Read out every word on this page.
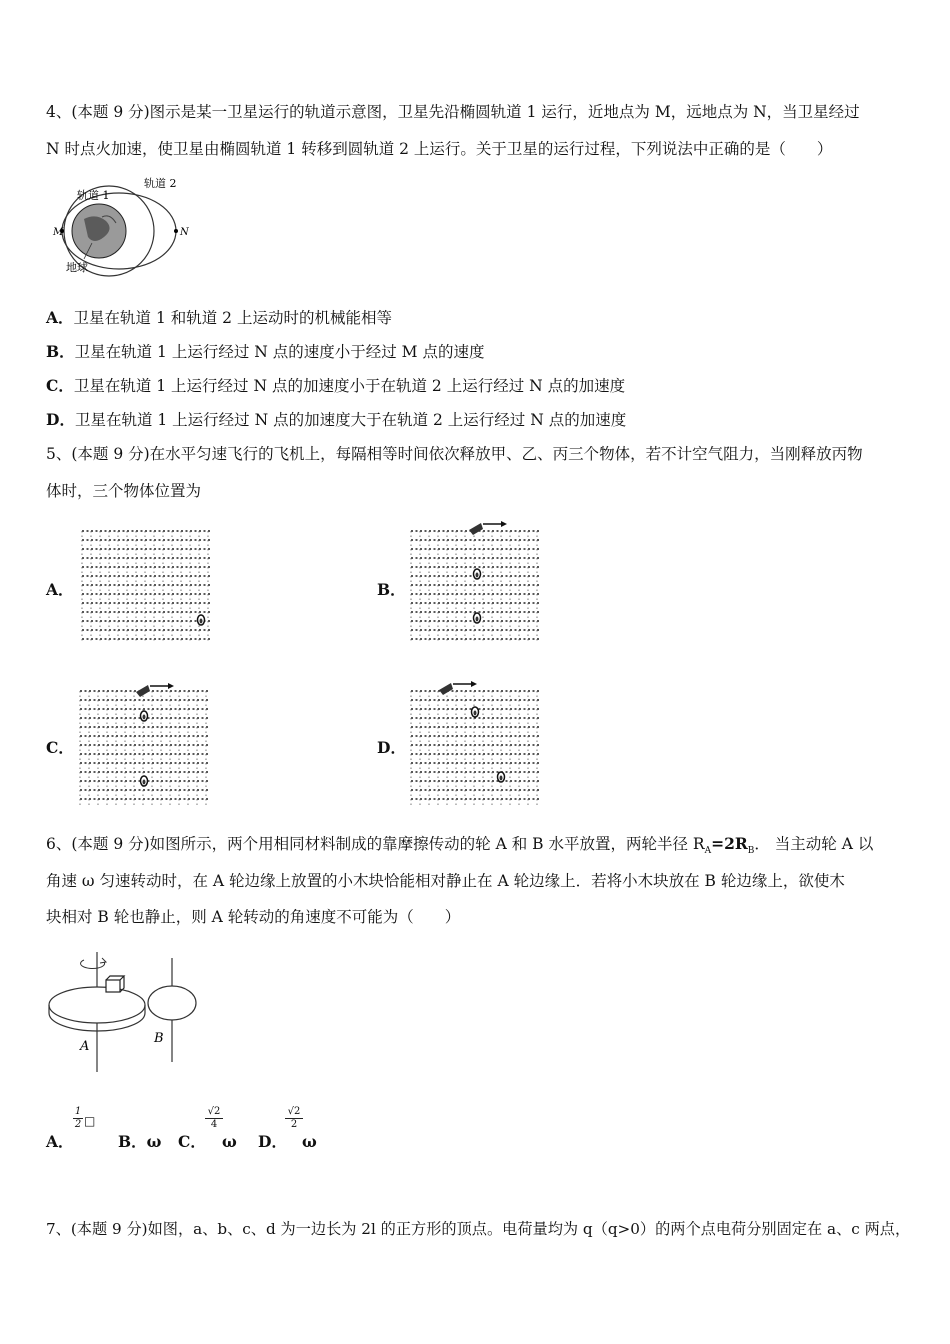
4、(本题 9 分)图示是某一卫星运行的轨道示意图，卫星先沿椭圆轨道 1 运行，近地点为 M，远地点为 N，当卫星经过
N 时点火加速，使卫星由椭圆轨道 1 转移到圆轨道 2 上运行。关于卫星的运行过程，下列说法中正确的是（　　）
轨道 1
轨道 2
M	N
地球
A．卫星在轨道 1 和轨道 2 上运动时的机械能相等
B．卫星在轨道 1 上运行经过 N 点的速度小于经过 M 点的速度
C．卫星在轨道 1 上运行经过 N 点的加速度小于在轨道 2 上运行经过 N 点的加速度
D．卫星在轨道 1 上运行经过 N 点的加速度大于在轨道 2 上运行经过 N 点的加速度
5、(本题 9 分)在水平匀速飞行的飞机上，每隔相等时间依次释放甲、乙、丙三个物体，若不计空气阻力，当刚释放丙物
体时，三个物体位置为
A．	B．
C．	D．
6、(本题 9 分)如图所示，两个用相同材料制成的靠摩擦传动的轮 A 和 B 水平放置，两轮半径 $R_A=2R_B$． 当主动轮 A 以
角速 ω 匀速转动时，在 A 轮边缘上放置的小木块恰能相对静止在 A 轮边缘上．若将小木块放在 B 轮边缘上，欲使木
块相对 B 轮也静止，则 A 轮转动的角速度不可能为（　　）
A
B
A．
1
2 □
B．ω C．
√2
4
ω D．
√2
2
ω
7、(本题 9 分)如图，a、b、c、d 为一边长为 2l 的正方形的顶点。电荷量均为 q（q>0）的两个点电荷分别固定在 a、c 两点，
